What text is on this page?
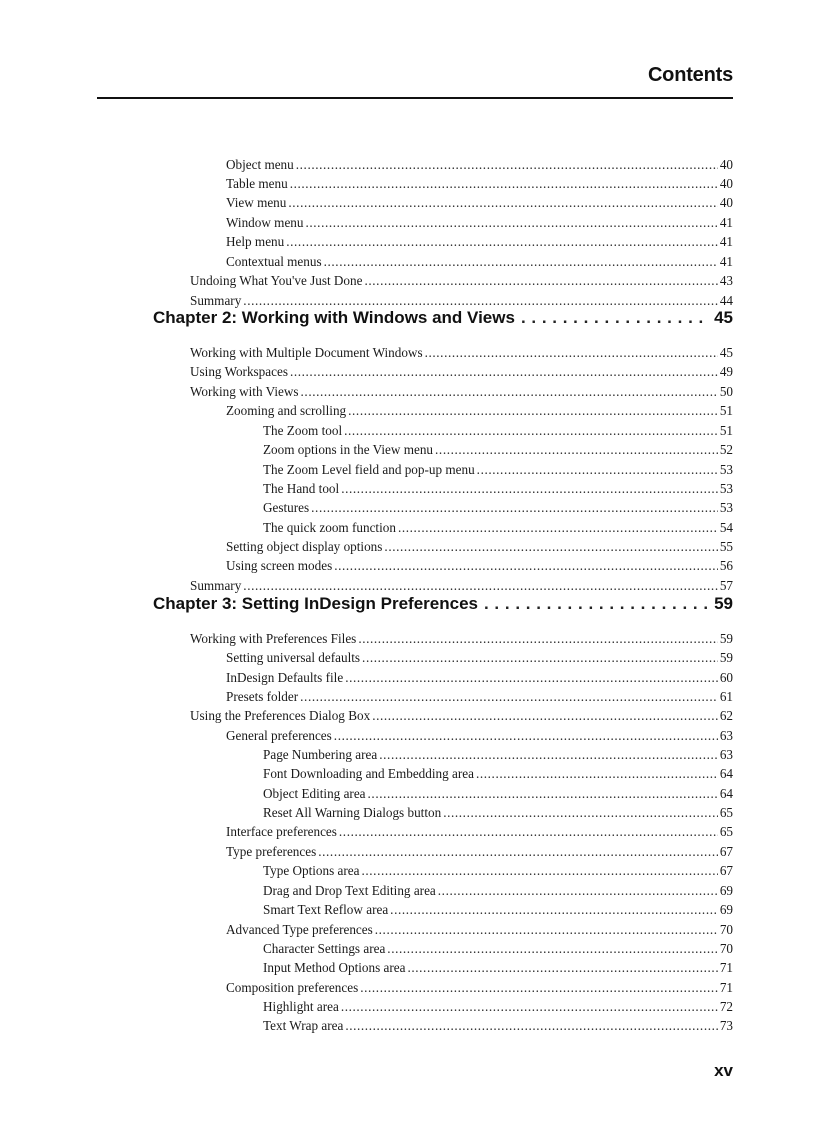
Contents
Object menu .....	40
Table menu .....	40
View menu .....	40
Window menu .....	41
Help menu .....	41
Contextual menus .....	41
Undoing What You've Just Done .....	43
Summary .....	44
Chapter 2: Working with Windows and Views . . .	45
Working with Multiple Document Windows .....	45
Using Workspaces .....	49
Working with Views .....	50
Zooming and scrolling .....	51
The Zoom tool .....	51
Zoom options in the View menu .....	52
The Zoom Level field and pop-up menu .....	53
The Hand tool .....	53
Gestures .....	53
The quick zoom function .....	54
Setting object display options .....	55
Using screen modes .....	56
Summary .....	57
Chapter 3: Setting InDesign Preferences . . .	59
Working with Preferences Files .....	59
Setting universal defaults .....	59
InDesign Defaults file .....	60
Presets folder .....	61
Using the Preferences Dialog Box .....	62
General preferences .....	63
Page Numbering area .....	63
Font Downloading and Embedding area .....	64
Object Editing area .....	64
Reset All Warning Dialogs button .....	65
Interface preferences .....	65
Type preferences .....	67
Type Options area .....	67
Drag and Drop Text Editing area .....	69
Smart Text Reflow area .....	69
Advanced Type preferences .....	70
Character Settings area .....	70
Input Method Options area .....	71
Composition preferences .....	71
Highlight area .....	72
Text Wrap area .....	73
xv
